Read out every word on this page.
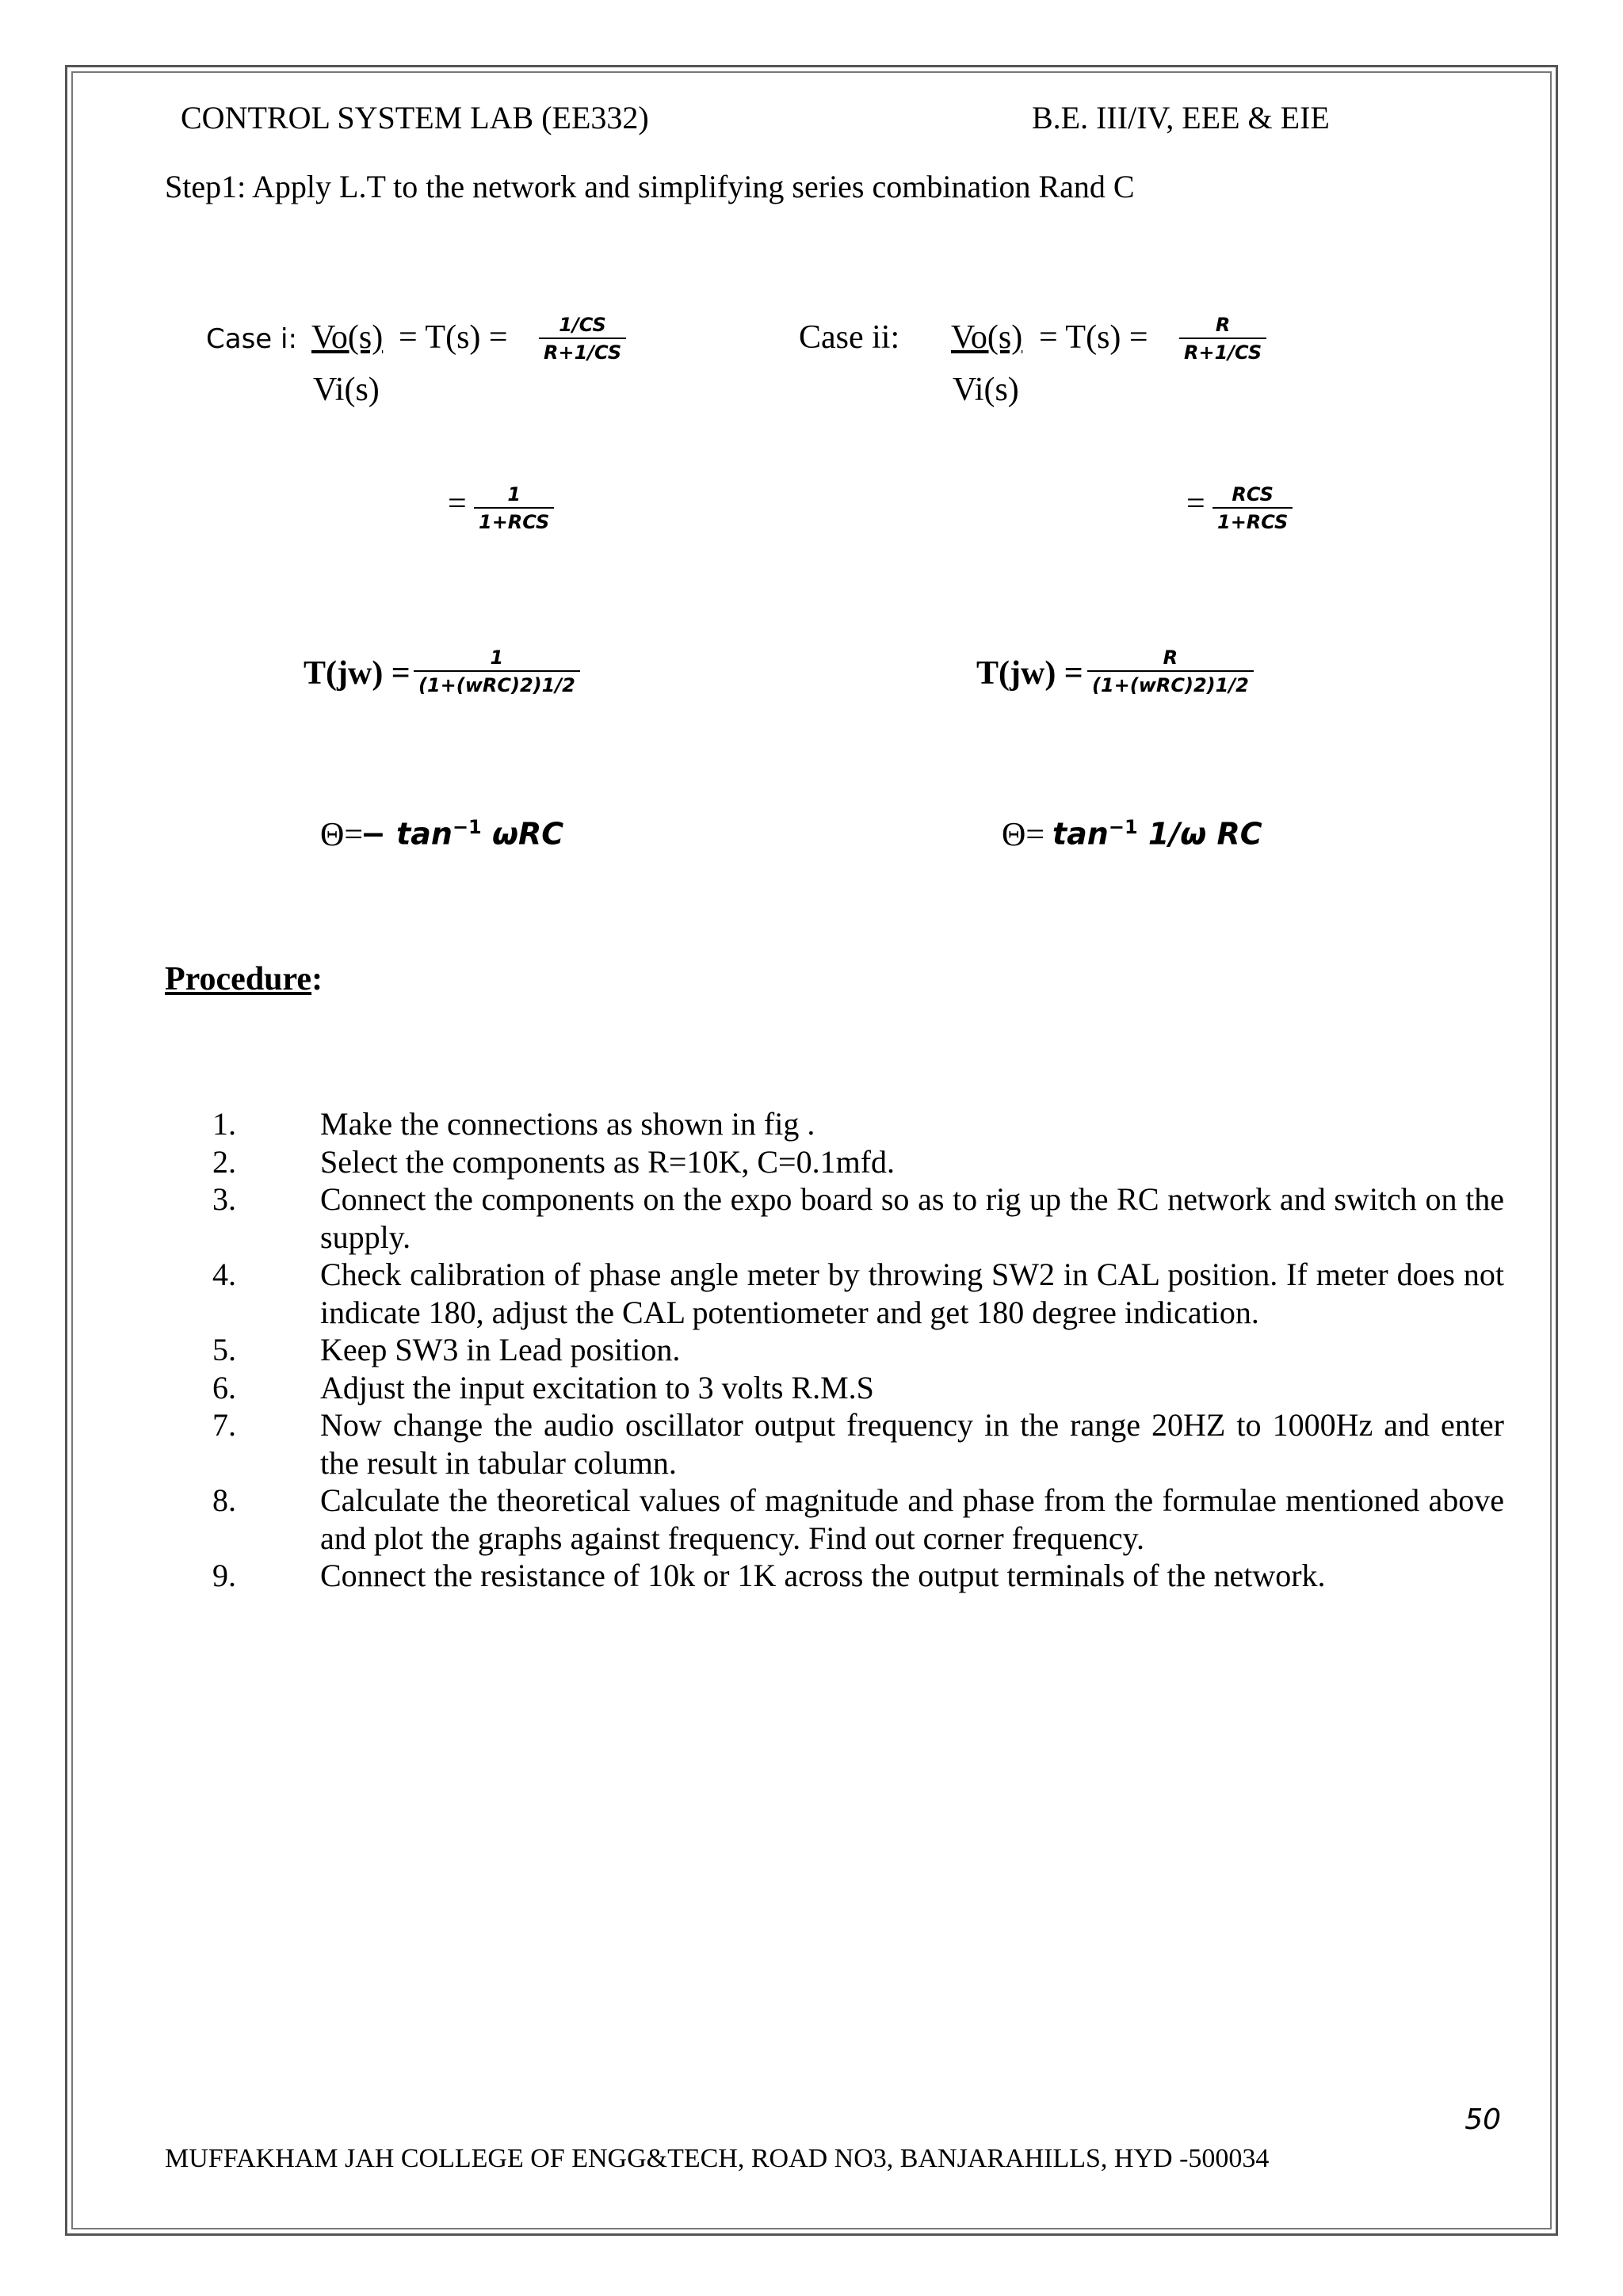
CONTROL SYSTEM LAB (EE332)	B.E. III/IV, EEE & EIE
Step1: Apply L.T to the network and simplifying series combination Rand C
Case i: Vo(s) = T(s) =
Vi(s)
$\frac{1/CS}{R+1/CS}$
= 1
1+RCS
T(jw) =	1
(1+(wRC)2)1/2
Θ=
− $\tan^{-1} \omega RC$
Case ii: Vo(s) = T(s) =
Vi(s)
$\frac{R}{R+1/CS}$
= RCS
1+RCS
T(jw) =	R
(1+(wRC)2)1/2
$\Theta= \tan^{-1} 1/\omega$ RC
Procedure:
1.	Make the connections as shown in fig .
2.	Select the components as R=10K, C=0.1mfd.
3.	Connect the components on the expo board so as to rig up the RC network and switch on the supply.
4.	Check calibration of phase angle meter by throwing SW2 in CAL position. If meter does not indicate 180, adjust the CAL potentiometer and get 180 degree indication.
5.	Keep SW3 in Lead position.
6.	Adjust the input excitation to 3 volts R.M.S
7.	Now change the audio oscillator output frequency in the range 20HZ to 1000Hz and enter the result in tabular column.
8.	Calculate the theoretical values of magnitude and phase from the formulae mentioned above and plot the graphs against frequency. Find out corner frequency.
9.	Connect the resistance of 10k or 1K across the output terminals of the network.
50
MUFFAKHAM JAH COLLEGE OF ENGG&TECH, ROAD NO3, BANJARAHILLS, HYD -500034
